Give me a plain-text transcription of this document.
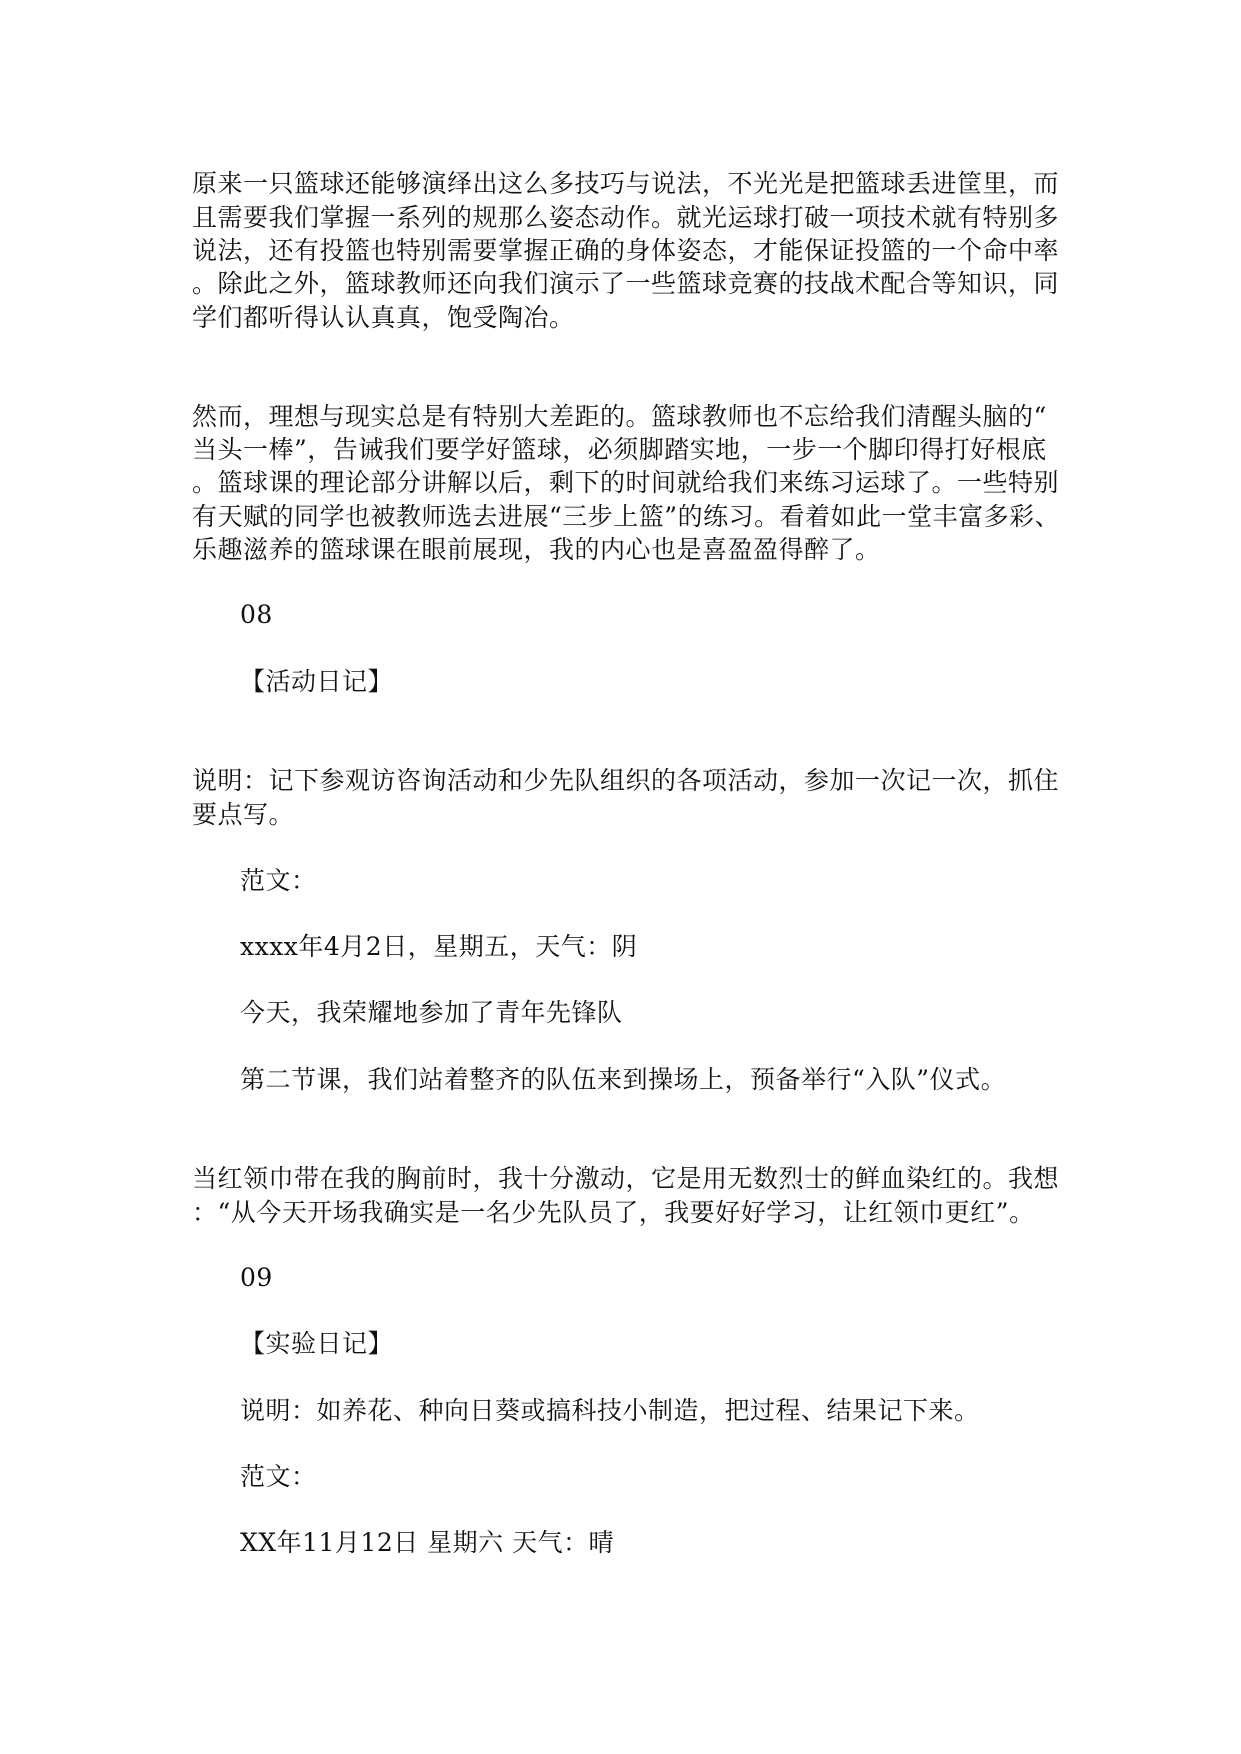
原来一只篮球还能够演绎出这么多技巧与说法，不光光是把篮球丢进筐里，而
且需要我们掌握一系列的规那么姿态动作。就光运球打破一项技术就有特别多
说法，还有投篮也特别需要掌握正确的身体姿态，才能保证投篮的一个命中率
。除此之外，篮球教师还向我们演示了一些篮球竞赛的技战术配合等知识，同
学们都听得认认真真，饱受陶冶。
然而，理想与现实总是有特别大差距的。篮球教师也不忘给我们清醒头脑的“
当头一棒”，告诫我们要学好篮球，必须脚踏实地，一步一个脚印得打好根底
。篮球课的理论部分讲解以后，剩下的时间就给我们来练习运球了。一些特别
有天赋的同学也被教师选去进展“三步上篮”的练习。看着如此一堂丰富多彩、
乐趣滋养的篮球课在眼前展现，我的内心也是喜盈盈得醉了。
08
【活动日记】
说明：记下参观访咨询活动和少先队组织的各项活动，参加一次记一次，抓住
要点写。
范文：
xxxx年4月2日，星期五，天气：阴
今天，我荣耀地参加了青年先锋队
第二节课，我们站着整齐的队伍来到操场上，预备举行“入队”仪式。
当红领巾带在我的胸前时，我十分激动，它是用无数烈士的鲜血染红的。我想
：“从今天开场我确实是一名少先队员了，我要好好学习，让红领巾更红”。
09
【实验日记】
说明：如养花、种向日葵或搞科技小制造，把过程、结果记下来。
范文：
XX年11月12日 星期六 天气：晴
